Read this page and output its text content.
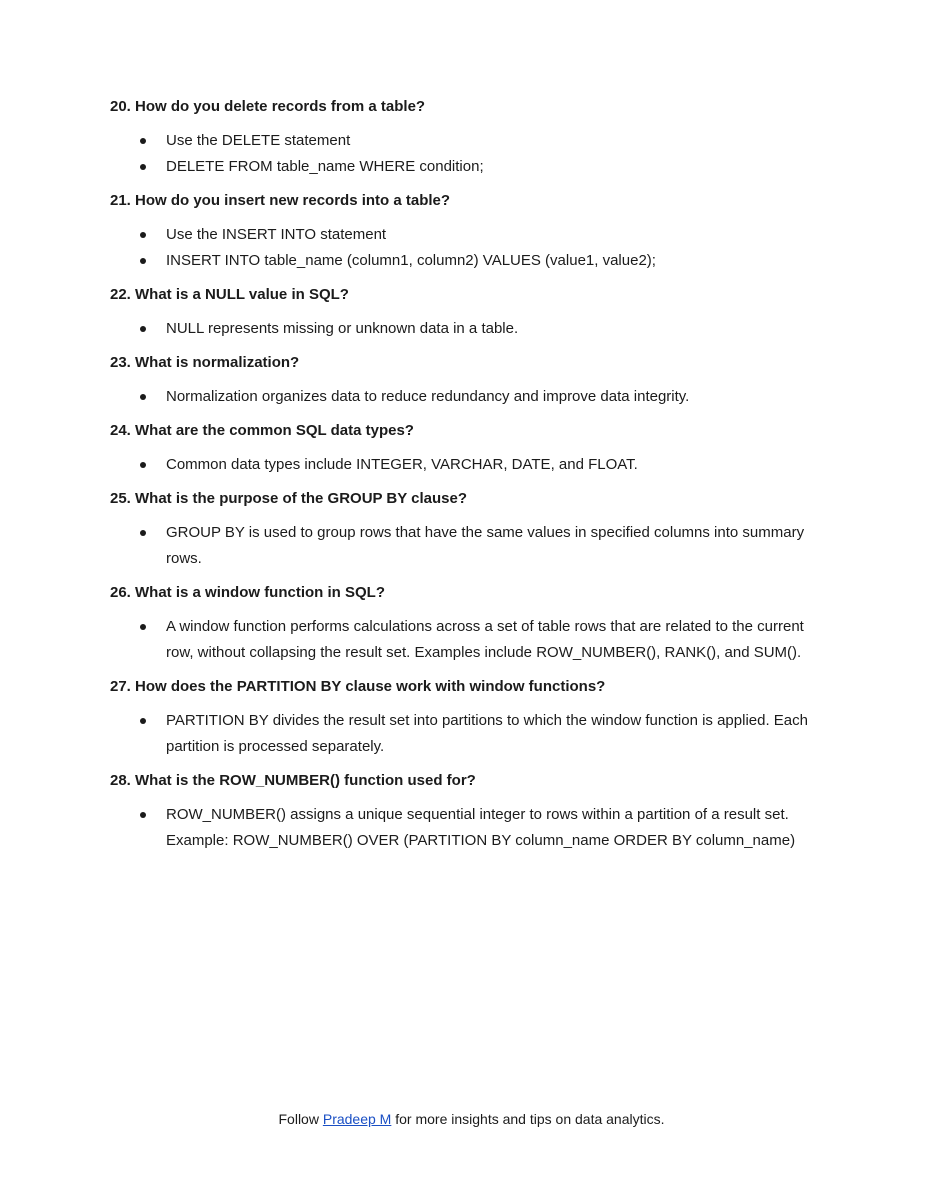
20. How do you delete records from a table?

Use the DELETE statement
DELETE FROM table_name WHERE condition;

21. How do you insert new records into a table?

Use the INSERT INTO statement
INSERT INTO table_name (column1, column2) VALUES (value1, value2);

22. What is a NULL value in SQL?

NULL represents missing or unknown data in a table.

23. What is normalization?

Normalization organizes data to reduce redundancy and improve data integrity.

24. What are the common SQL data types?

Common data types include INTEGER, VARCHAR, DATE, and FLOAT.

25. What is the purpose of the GROUP BY clause?

GROUP BY is used to group rows that have the same values in specified columns into summary rows.

26. What is a window function in SQL?

A window function performs calculations across a set of table rows that are related to the current row, without collapsing the result set. Examples include ROW_NUMBER(), RANK(), and SUM().

27. How does the PARTITION BY clause work with window functions?

PARTITION BY divides the result set into partitions to which the window function is applied. Each partition is processed separately.

28. What is the ROW_NUMBER() function used for?

ROW_NUMBER() assigns a unique sequential integer to rows within a partition of a result set. Example: ROW_NUMBER() OVER (PARTITION BY column_name ORDER BY column_name)
Follow Pradeep M for more insights and tips on data analytics.
